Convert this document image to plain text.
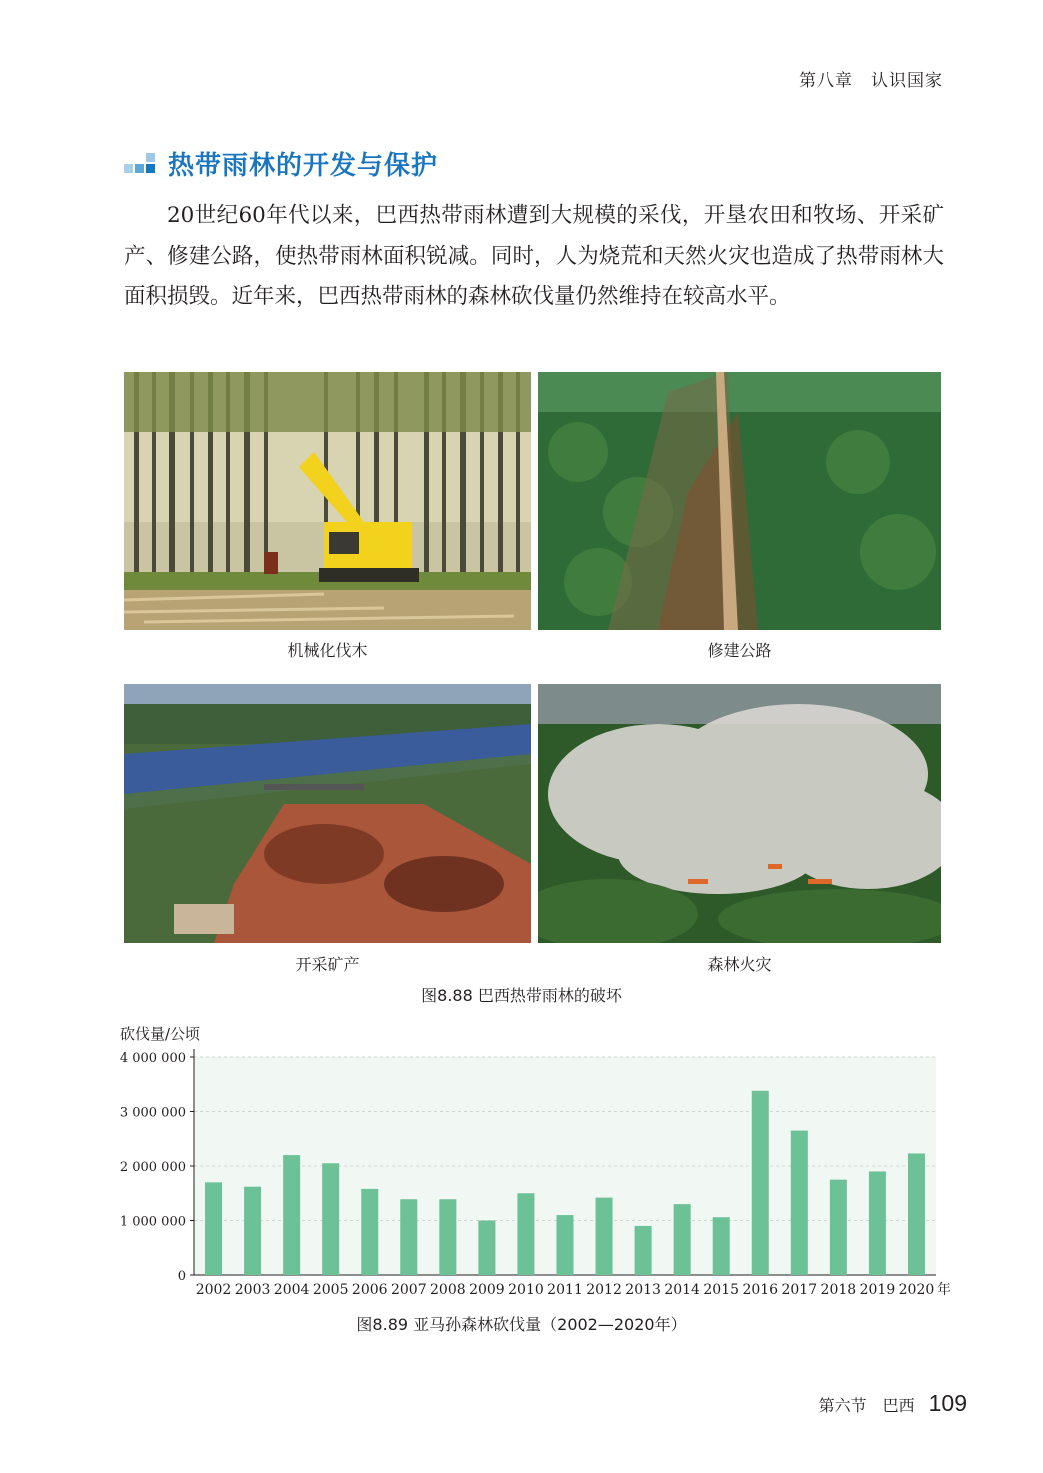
第八章　认识国家
热带雨林的开发与保护

20世纪60年代以来，巴西热带雨林遭到大规模的采伐，开垦农田和牧场、开采矿产、修建公路，使热带雨林面积锐减。同时，人为烧荒和天然火灾也造成了热带雨林大面积损毁。近年来，巴西热带雨林的森林砍伐量仍然维持在较高水平。

机械化伐木	修建公路
开采矿产	森林火灾
图8.88 巴西热带雨林的破坏
0
1 000 000
2 000 000
3 000 000
4 000 000
砍伐量/公顷
2002 2003 2004 2005 2006 2007 2008 2009 2010 2011 2012 2013 2014 2015 2016 2017 2018 2019 2020 年
图8.89 亚马孙森林砍伐量（2002—2020年）
第六节　巴西 109
